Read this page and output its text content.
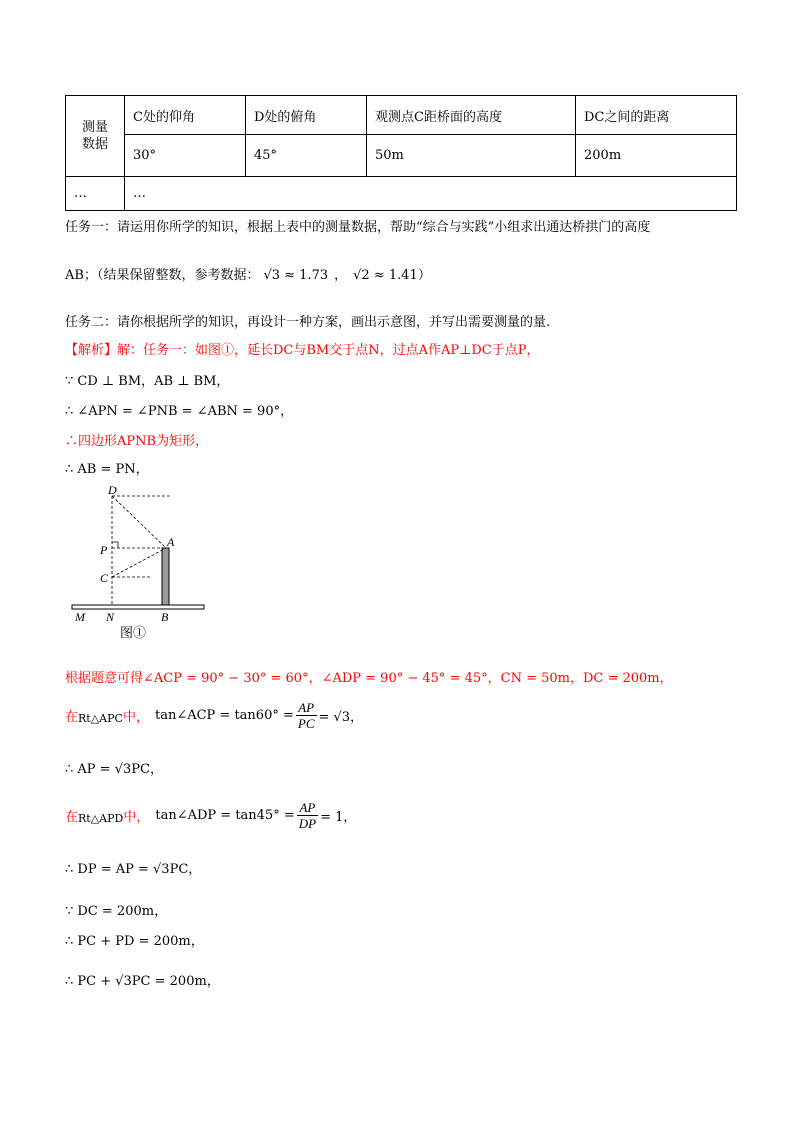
测量
数据	C处的仰角	D处的俯角	观测点C距桥面的高度	DC之间的距离
	30°	45°	50m	200m
…	…			
任务一：请运用你所学的知识，根据上表中的测量数据，帮助“综合与实践”小组求出通达桥拱门的高度
AB；（结果保留整数，参考数据： √3 ≈ 1.73 ， √2 ≈ 1.41）
任务二：请你根据所学的知识，再设计一种方案，画出示意图，并写出需要测量的量.
【解析】解：任务一：如图①，延长DC与BM交于点N，过点A作AP⊥DC于点P，
∵ CD ⊥ BM，AB ⊥ BM，
∴ ∠APN = ∠PNB = ∠ABN = 90°，
∴四边形APNB为矩形，
∴ AB = PN，
D
P
A
C
M N	B
图①
根据题意可得∠ACP = 90° − 30° = 60°，∠ADP = 90° − 45° = 45°，CN = 50m，DC = 200m，
在 Rt△APC 中， tan∠ACP = $\tan 60^\circ = \frac{AP}{PC} = √3$，
∴ AP = √3PC，
在 Rt△APD 中， tan∠ADP = $\tan 45^\circ = \frac{AP}{DP} = 1$，
∴ DP = AP = √3PC，
∵ DC = 200m，
∴ PC + PD = 200m，
∴ PC + √3PC = 200m，
